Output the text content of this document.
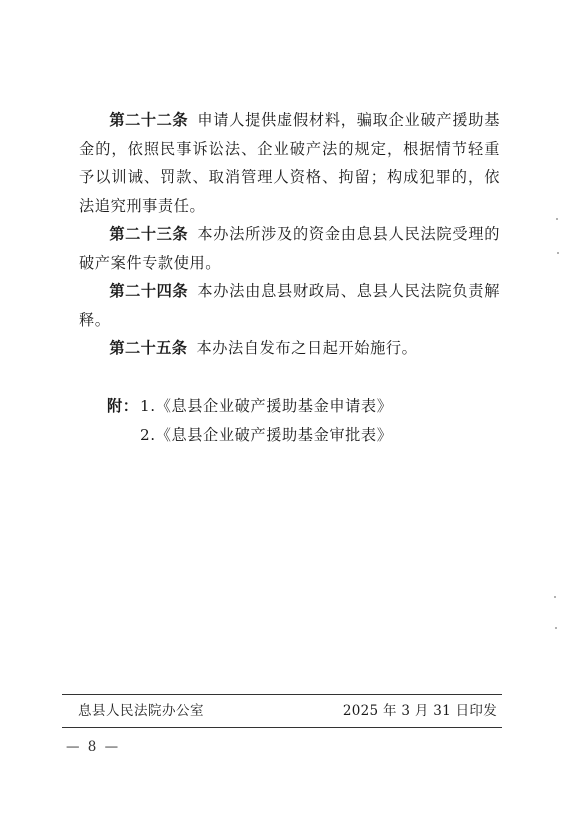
第二十二条 申请人提供虚假材料，骗取企业破产援助基金的，依照民事诉讼法、企业破产法的规定，根据情节轻重予以训诫、罚款、取消管理人资格、拘留；构成犯罪的，依法追究刑事责任。

第二十三条 本办法所涉及的资金由息县人民法院受理的破产案件专款使用。

第二十四条 本办法由息县财政局、息县人民法院负责解释。

第二十五条 本办法自发布之日起开始施行。

附：1.《息县企业破产援助基金申请表》
2.《息县企业破产援助基金审批表》
息县人民法院办公室	2025 年 3 月 31 日印发
— 8 —
